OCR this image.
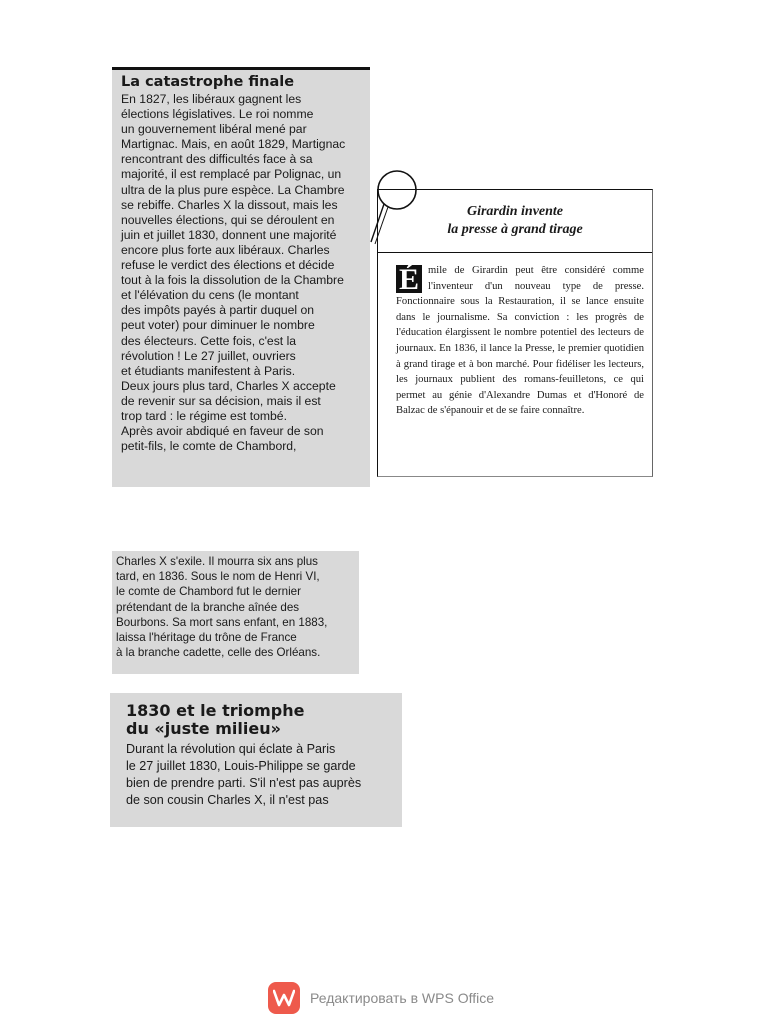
La catastrophe finale

En 1827, les libéraux gagnent les

élections législatives. Le roi nomme

un gouvernement libéral mené par

Martignac. Mais, en août 1829, Martignac

rencontrant des difficultés face à sa

majorité, il est remplacé par Polignac, un

ultra de la plus pure espèce. La Chambre

se rebiffe. Charles X la dissout, mais les

nouvelles élections, qui se déroulent en

juin et juillet 1830, donnent une majorité

encore plus forte aux libéraux. Charles

refuse le verdict des élections et décide

tout à la fois la dissolution de la Chambre

et l'élévation du cens (le montant

des impôts payés à partir duquel on

peut voter) pour diminuer le nombre

des électeurs. Cette fois, c'est la

révolution ! Le 27 juillet, ouvriers

et étudiants manifestent à Paris.

Deux jours plus tard, Charles X accepte

de revenir sur sa décision, mais il est

trop tard : le régime est tombé.

Après avoir abdiqué en faveur de son

petit-fils, le comte de Chambord,

Girardin invente
la presse à grand tirage
É mile de Girardin peut être considéré comme l'inventeur d'un nouveau type de presse. Fonctionnaire sous la Restauration, il se lance ensuite dans le journalisme. Sa conviction : les progrès de l'éducation élargissent le nombre potentiel des lecteurs de journaux. En 1836, il lance la Presse, le premier quotidien à grand tirage et à bon marché. Pour fidéliser les lecteurs, les journaux publient des romans-feuilletons, ce qui permet au génie d'Alexandre Dumas et d'Honoré de Balzac de s'épanouir et de se faire connaître.

Charles X s'exile. Il mourra six ans plus

tard, en 1836. Sous le nom de Henri VI,

le comte de Chambord fut le dernier

prétendant de la branche aînée des

Bourbons. Sa mort sans enfant, en 1883,

laissa l'héritage du trône de France

à la branche cadette, celle des Orléans.

1830 et le triomphe
du «juste milieu»

Durant la révolution qui éclate à Paris

le 27 juillet 1830, Louis-Philippe se garde

bien de prendre parti. S'il n'est pas auprès

de son cousin Charles X, il n'est pas

Редактировать в WPS Office
